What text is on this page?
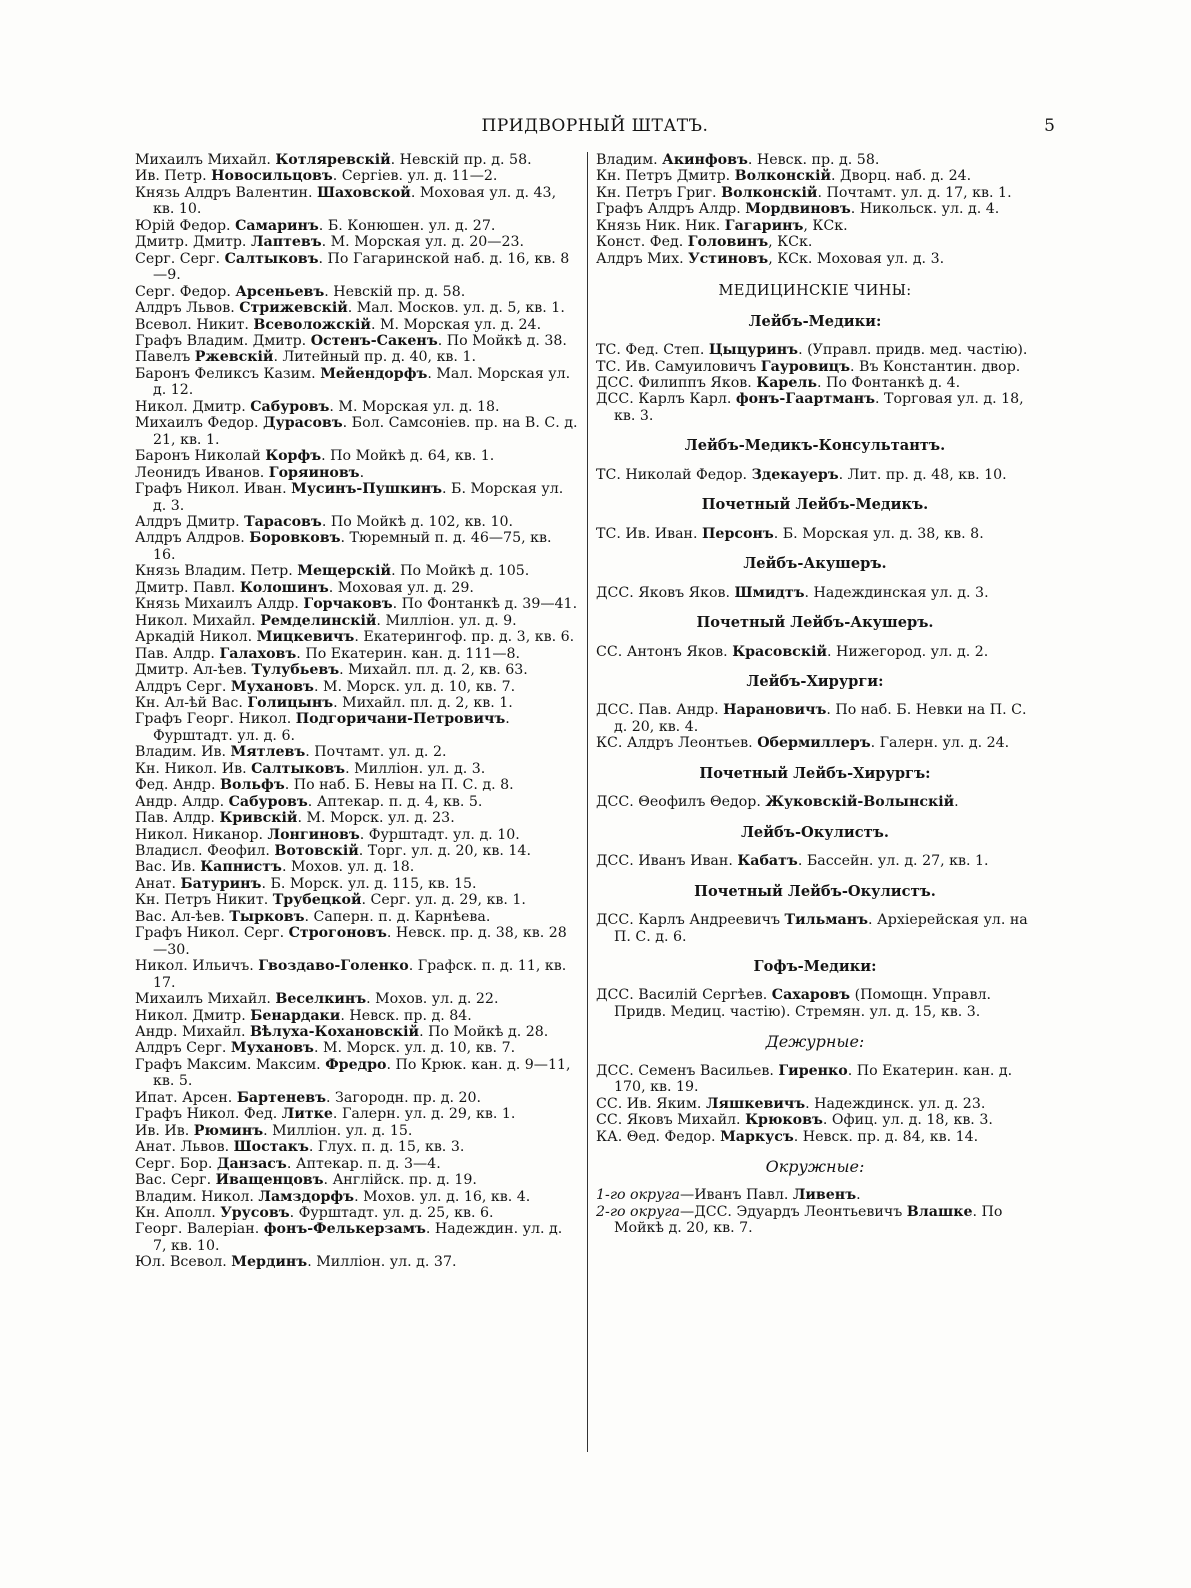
ПРИДВОРНЫЙ ШТАТЪ.	5
Михаилъ Михайл. Котляревскій. Невскій пр. д. 58.
Ив. Петр. Новосильцовъ. Сергіев. ул. д. 11—2.
Князь Алдръ Валентин. Шаховской. Моховая ул. д. 43, кв. 10.
Юрій Федор. Самаринъ. Б. Конюшен. ул. д. 27.
Дмитр. Дмитр. Лаптевъ. М. Морская ул. д. 20—23.
Серг. Серг. Салтыковъ. По Гагаринской наб. д. 16, кв. 8—9.
Серг. Федор. Арсеньевъ. Невскій пр. д. 58.
Алдръ Львов. Стрижевскій. Мал. Москов. ул. д. 5, кв. 1.
Всевол. Никит. Всеволожскій. М. Морская ул. д. 24.
Графъ Владим. Дмитр. Остенъ-Сакенъ. По Мойкѣ д. 38.
Павелъ Ржевскій. Литейный пр. д. 40, кв. 1.
Баронъ Феликсъ Казим. Мейендорфъ. Мал. Морская ул. д. 12.
Никол. Дмитр. Сабуровъ. М. Морская ул. д. 18.
Михаилъ Федор. Дурасовъ. Бол. Самсоніев. пр. на В. С. д. 21, кв. 1.
Баронъ Николай Корфъ. По Мойкѣ д. 64, кв. 1.
Леонидъ Иванов. Горяиновъ.
Графъ Никол. Иван. Мусинъ-Пушкинъ. Б. Морская ул. д. 3.
Алдръ Дмитр. Тарасовъ. По Мойкѣ д. 102, кв. 10.
Алдръ Алдров. Боровковъ. Тюремный п. д. 46—75, кв. 16.
Князь Владим. Петр. Мещерскій. По Мойкѣ д. 105.
Дмитр. Павл. Колошинъ. Моховая ул. д. 29.
Князь Михаилъ Алдр. Горчаковъ. По Фонтанкѣ д. 39—41.
Никол. Михайл. Ремделинскій. Милліон. ул. д. 9.
Аркадій Никол. Мицкевичъ. Екатерингоф. пр. д. 3, кв. 6.
Пав. Алдр. Галаховъ. По Екатерин. кан. д. 111—8.
Дмитр. Ал-ѣев. Тулубьевъ. Михайл. пл. д. 2, кв. 63.
Алдръ Серг. Мухановъ. М. Морск. ул. д. 10, кв. 7.
Кн. Ал-ѣй Вас. Голицынъ. Михайл. пл. д. 2, кв. 1.
Графъ Георг. Никол. Подгоричани-Петровичъ. Фурштадт. ул. д. 6.
Владим. Ив. Мятлевъ. Почтамт. ул. д. 2.
Кн. Никол. Ив. Салтыковъ. Милліон. ул. д. 3.
Фед. Андр. Вольфъ. По наб. Б. Невы на П. С. д. 8.
Андр. Алдр. Сабуровъ. Аптекар. п. д. 4, кв. 5.
Пав. Алдр. Кривскій. М. Морск. ул. д. 23.
Никол. Никанор. Лонгиновъ. Фурштадт. ул. д. 10.
Владисл. Феофил. Вотовскій. Торг. ул. д. 20, кв. 14.
Вас. Ив. Капнистъ. Мохов. ул. д. 18.
Анат. Батуринъ. Б. Морск. ул. д. 115, кв. 15.
Кн. Петръ Никит. Трубецкой. Серг. ул. д. 29, кв. 1.
Вас. Ал-ѣев. Тырковъ. Саперн. п. д. Карнѣева.
Графъ Никол. Серг. Строгоновъ. Невск. пр. д. 38, кв. 28—30.
Никол. Ильичъ. Гвоздаво-Голенко. Графск. п. д. 11, кв. 17.
Михаилъ Михайл. Веселкинъ. Мохов. ул. д. 22.
Никол. Дмитр. Бенардаки. Невск. пр. д. 84.
Андр. Михайл. Вѣлуха-Кохановскій. По Мойкѣ д. 28.
Алдръ Серг. Мухановъ. М. Морск. ул. д. 10, кв. 7.
Графъ Максим. Максим. Фредро. По Крюк. кан. д. 9—11, кв. 5.
Ипат. Арсен. Бартеневъ. Загородн. пр. д. 20.
Графъ Никол. Фед. Литке. Галерн. ул. д. 29, кв. 1.
Ив. Ив. Рюминъ. Милліон. ул. д. 15.
Анат. Львов. Шостакъ. Глух. п. д. 15, кв. 3.
Серг. Бор. Данзасъ. Аптекар. п. д. 3—4.
Вас. Серг. Иващенцовъ. Англійск. пр. д. 19.
Владим. Никол. Ламздорфъ. Мохов. ул. д. 16, кв. 4.
Кн. Аполл. Урусовъ. Фурштадт. ул. д. 25, кв. 6.
Георг. Валеріан. фонъ-Фелькерзамъ. Надеждин. ул. д. 7, кв. 10.
Юл. Всевол. Мердинъ. Милліон. ул. д. 37.
Владим. Акинфовъ. Невск. пр. д. 58.
Кн. Петръ Дмитр. Волконскій. Дворц. наб. д. 24.
Кн. Петръ Григ. Волконскій. Почтамт. ул. д. 17, кв. 1.
Графъ Алдръ Алдр. Мордвиновъ. Никольск. ул. д. 4.
Князь Ник. Ник. Гагаринъ, КСк.
Конст. Фед. Головинъ, КСк.
Алдръ Мих. Устиновъ, КСк. Моховая ул. д. 3.
МЕДИЦИНСКІЕ ЧИНЫ:
Лейбъ-Медики:
ТС. Фед. Степ. Цыцуринъ. (Управл. придв. мед. частію).
ТС. Ив. Самуиловичъ Гауровицъ. Въ Константин. двор.
ДСС. Филиппъ Яков. Карель. По Фонтанкѣ д. 4.
ДСС. Карлъ Карл. фонъ-Гаартманъ. Торговая ул. д. 18, кв. 3.
Лейбъ-Медикъ-Консультантъ.
ТС. Николай Федор. Здекауеръ. Лит. пр. д. 48, кв. 10.
Почетный Лейбъ-Медикъ.
ТС. Ив. Иван. Персонъ. Б. Морская ул. д. 38, кв. 8.
Лейбъ-Акушеръ.
ДСС. Яковъ Яков. Шмидтъ. Надеждинская ул. д. 3.
Почетный Лейбъ-Акушеръ.
СС. Антонъ Яков. Красовскій. Нижегород. ул. д. 2.
Лейбъ-Хирурги:
ДСС. Пав. Андр. Нарановичъ. По наб. Б. Невки на П. С. д. 20, кв. 4.
КС. Алдръ Леонтьев. Обермиллеръ. Галерн. ул. д. 24.
Почетный Лейбъ-Хирургъ:
ДСС. Θеофилъ Θедор. Жуковскій-Волынскій.
Лейбъ-Окулистъ.
ДСС. Иванъ Иван. Кабатъ. Бассейн. ул. д. 27, кв. 1.
Почетный Лейбъ-Окулистъ.
ДСС. Карлъ Андреевичъ Тильманъ. Архіерейская ул. на П. С. д. 6.
Гофъ-Медики:
ДСС. Василій Сергѣев. Сахаровъ (Помощн. Управл. Придв. Медиц. частію). Стремян. ул. д. 15, кв. 3.
Дежурные:
ДСС. Семенъ Васильев. Гиренко. По Екатерин. кан. д. 170, кв. 19.
СС. Ив. Яким. Ляшкевичъ. Надеждинск. ул. д. 23.
СС. Яковъ Михайл. Крюковъ. Офиц. ул. д. 18, кв. 3.
КА. Θед. Федор. Маркусъ. Невск. пр. д. 84, кв. 14.
Окружные:
1-го округа—Иванъ Павл. Ливенъ.
2-го округа—ДСС. Эдуардъ Леонтьевичъ Влашке. По Мойкѣ д. 20, кв. 7.
